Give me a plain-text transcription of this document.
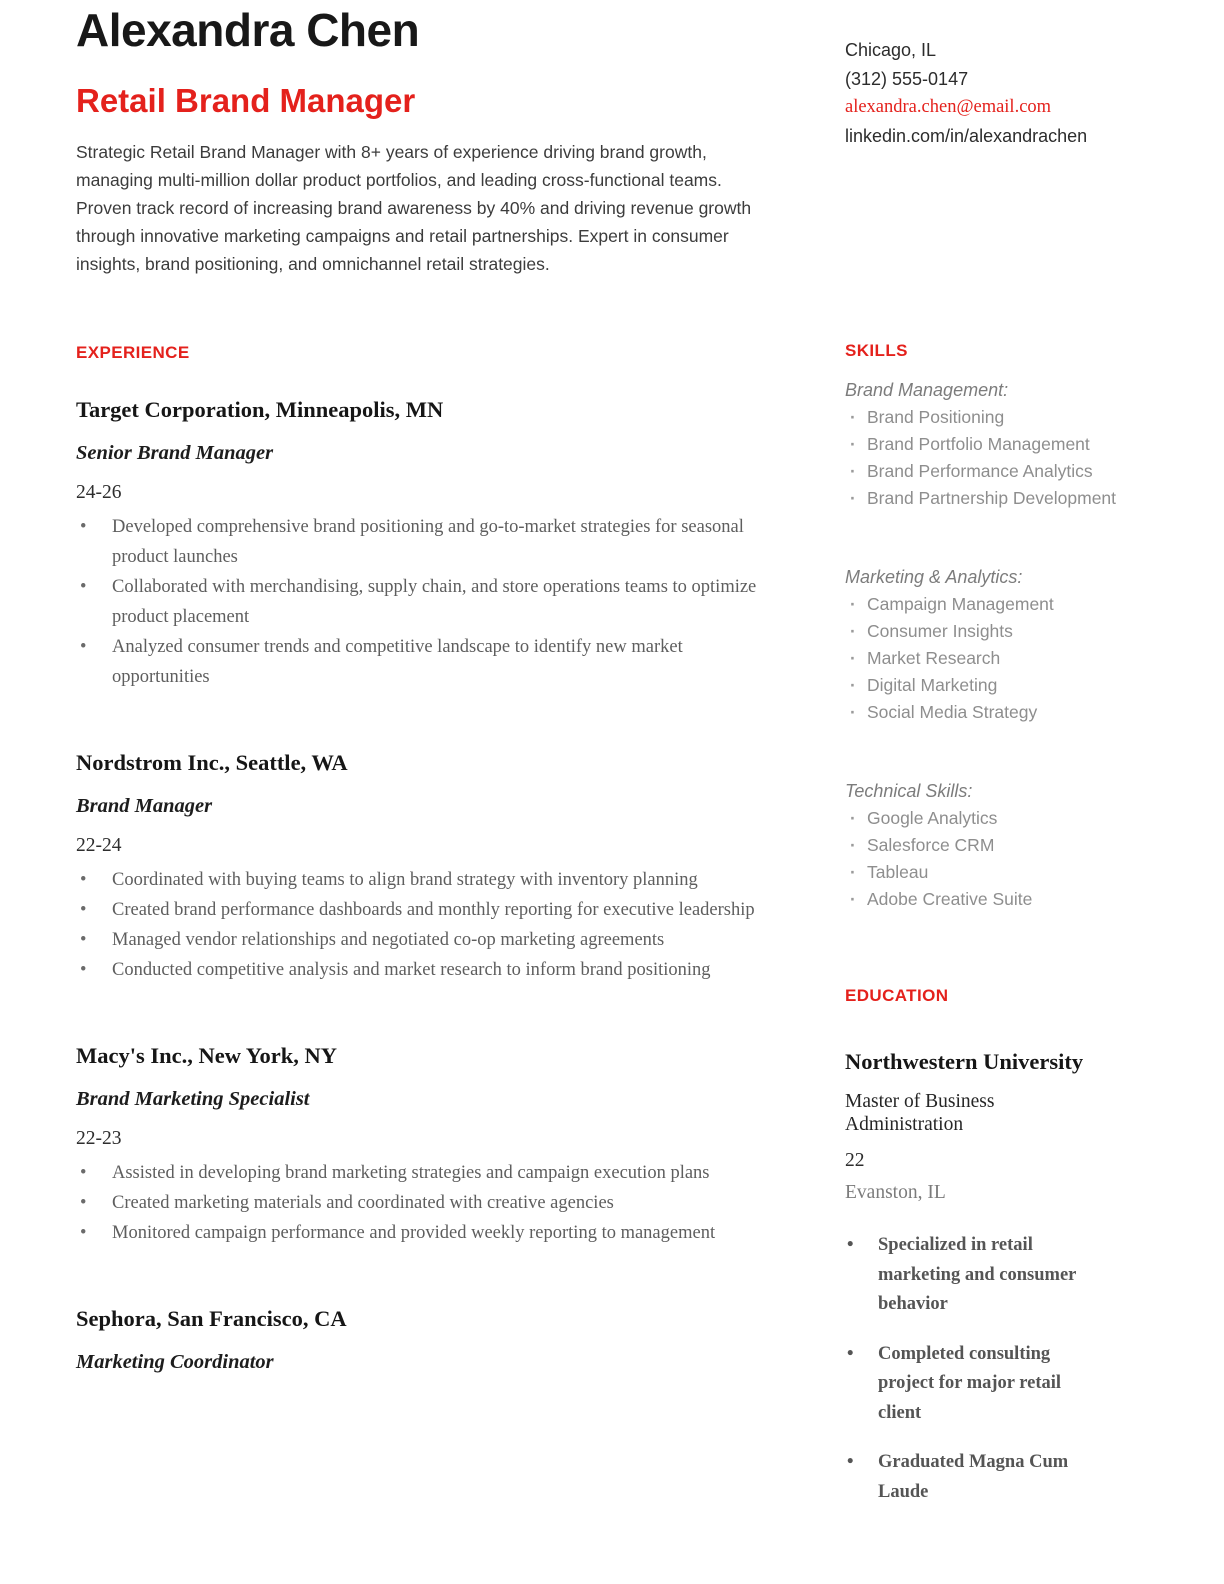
Alexandra Chen
Retail Brand Manager

Strategic Retail Brand Manager with 8+ years of experience driving brand growth, managing multi-million dollar product portfolios, and leading cross-functional teams. Proven track record of increasing brand awareness by 40% and driving revenue growth through innovative marketing campaigns and retail partnerships. Expert in consumer insights, brand positioning, and omnichannel retail strategies.

EXPERIENCE
Target Corporation, Minneapolis, MN
Senior Brand Manager
24-26
• Developed comprehensive brand positioning and go-to-market strategies for seasonal product launches
• Collaborated with merchandising, supply chain, and store operations teams to optimize product placement
• Analyzed consumer trends and competitive landscape to identify new market opportunities
Nordstrom Inc., Seattle, WA
Brand Manager
22-24
• Coordinated with buying teams to align brand strategy with inventory planning
• Created brand performance dashboards and monthly reporting for executive leadership
• Managed vendor relationships and negotiated co-op marketing agreements
• Conducted competitive analysis and market research to inform brand positioning
Macy's Inc., New York, NY
Brand Marketing Specialist
22-23
• Assisted in developing brand marketing strategies and campaign execution plans
• Created marketing materials and coordinated with creative agencies
• Monitored campaign performance and provided weekly reporting to management
Sephora, San Francisco, CA
Marketing Coordinator
Chicago, IL
(312) 555-0147
alexandra.chen@email.com
linkedin.com/in/alexandrachen
SKILLS
Brand Management:
· Brand Positioning
· Brand Portfolio Management
· Brand Performance Analytics
· Brand Partnership Development
Marketing & Analytics:
· Campaign Management
· Consumer Insights
· Market Research
· Digital Marketing
· Social Media Strategy
Technical Skills:
· Google Analytics
· Salesforce CRM
· Tableau
· Adobe Creative Suite
EDUCATION
Northwestern University
Master of Business Administration
22
Evanston, IL
• Specialized in retail marketing and consumer behavior
• Completed consulting project for major retail client
• Graduated Magna Cum Laude
